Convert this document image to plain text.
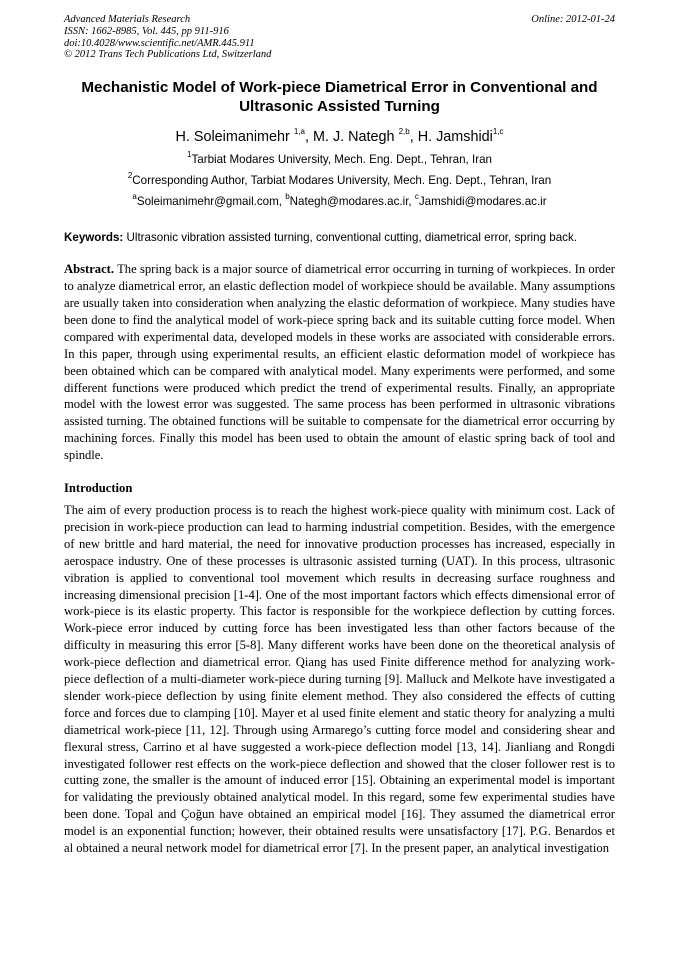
Advanced Materials Research
ISSN: 1662-8985, Vol. 445, pp 911-916
doi:10.4028/www.scientific.net/AMR.445.911
© 2012 Trans Tech Publications Ltd, Switzerland
Online: 2012-01-24
Mechanistic Model of Work-piece Diametrical Error in Conventional and Ultrasonic Assisted Turning
H. Soleimanimehr $^{1,a}$, M. J. Nategh $^{2,b}$, H. Jamshidi$^{1,c}$
$^1$Tarbiat Modares University, Mech. Eng. Dept., Tehran, Iran
$^2$Corresponding Author, Tarbiat Modares University, Mech. Eng. Dept., Tehran, Iran
$^a$Soleimanimehr@gmail.com, $^b$Nategh@modares.ac.ir, $^c$Jamshidi@modares.ac.ir
Keywords: Ultrasonic vibration assisted turning, conventional cutting, diametrical error, spring back.
Abstract. The spring back is a major source of diametrical error occurring in turning of workpieces. In order to analyze diametrical error, an elastic deflection model of workpiece should be available. Many assumptions are usually taken into consideration when analyzing the elastic deformation of workpiece. Many studies have been done to find the analytical model of work-piece spring back and its suitable cutting force model. When compared with experimental data, developed models in these works are associated with considerable errors. In this paper, through using experimental results, an efficient elastic deformation model of workpiece has been obtained which can be compared with analytical model. Many experiments were performed, and some different functions were produced which predict the trend of experimental results. Finally, an appropriate model with the lowest error was suggested. The same process has been performed in ultrasonic vibrations assisted turning. The obtained functions will be suitable to compensate for the diametrical error occurring by machining forces. Finally this model has been used to obtain the amount of elastic spring back of tool and spindle.
Introduction
The aim of every production process is to reach the highest work-piece quality with minimum cost. Lack of precision in work-piece production can lead to harming industrial competition. Besides, with the emergence of new brittle and hard material, the need for innovative production processes has increased, especially in aerospace industry. One of these processes is ultrasonic assisted turning (UAT). In this process, ultrasonic vibration is applied to conventional tool movement which results in decreasing surface roughness and increasing dimensional precision [1-4]. One of the most important factors which effects dimensional error of work-piece is its elastic property. This factor is responsible for the workpiece deflection by cutting forces. Work-piece error induced by cutting force has been investigated less than other factors because of the difficulty in measuring this error [5-8]. Many different works have been done on the theoretical analysis of work-piece deflection and diametrical error. Qiang has used Finite difference method for analyzing work-piece deflection of a multi-diameter work-piece during turning [9]. Malluck and Melkote have investigated a slender work-piece deflection by using finite element method. They also considered the effects of cutting force and forces due to clamping [10]. Mayer et al used finite element and static theory for analyzing a multi diametrical work-piece [11, 12]. Through using Armarego’s cutting force model and considering shear and flexural stress, Carrino et al have suggested a work-piece deflection model [13, 14]. Jianliang and Rongdi investigated follower rest effects on the work-piece deflection and showed that the closer follower rest is to cutting zone, the smaller is the amount of induced error [15]. Obtaining an experimental model is important for validating the previously obtained analytical model. In this regard, some few experimental studies have been done. Topal and Çoğun have obtained an empirical model [16]. They assumed the diametrical error model is an exponential function; however, their obtained results were unsatisfactory [17]. P.G. Benardos et al obtained a neural network model for diametrical error [7]. In the present paper, an analytical investigation
